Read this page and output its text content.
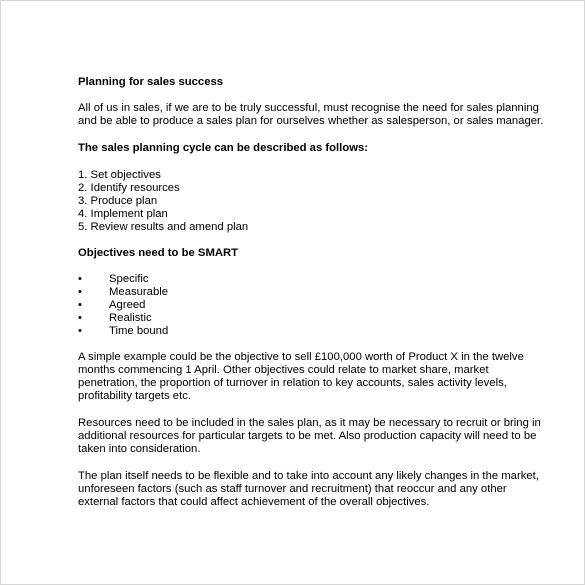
Planning for sales success

All of us in sales, if we are to be truly successful, must recognise the need for sales planning and be able to produce a sales plan for ourselves whether as salesperson, or sales manager.

The sales planning cycle can be described as follows:

1. Set objectives
2. Identify resources
3. Produce plan
4. Implement plan
5. Review results and amend plan

Objectives need to be SMART

• Specific
• Measurable
• Agreed
• Realistic
• Time bound

A simple example could be the objective to sell £100,000 worth of Product X in the twelve months commencing 1 April. Other objectives could relate to market share, market penetration, the proportion of turnover in relation to key accounts, sales activity levels, profitability targets etc.

Resources need to be included in the sales plan, as it may be necessary to recruit or bring in additional resources for particular targets to be met. Also production capacity will need to be taken into consideration.

The plan itself needs to be flexible and to take into account any likely changes in the market, unforeseen factors (such as staff turnover and recruitment) that reoccur and any other external factors that could affect achievement of the overall objectives.
